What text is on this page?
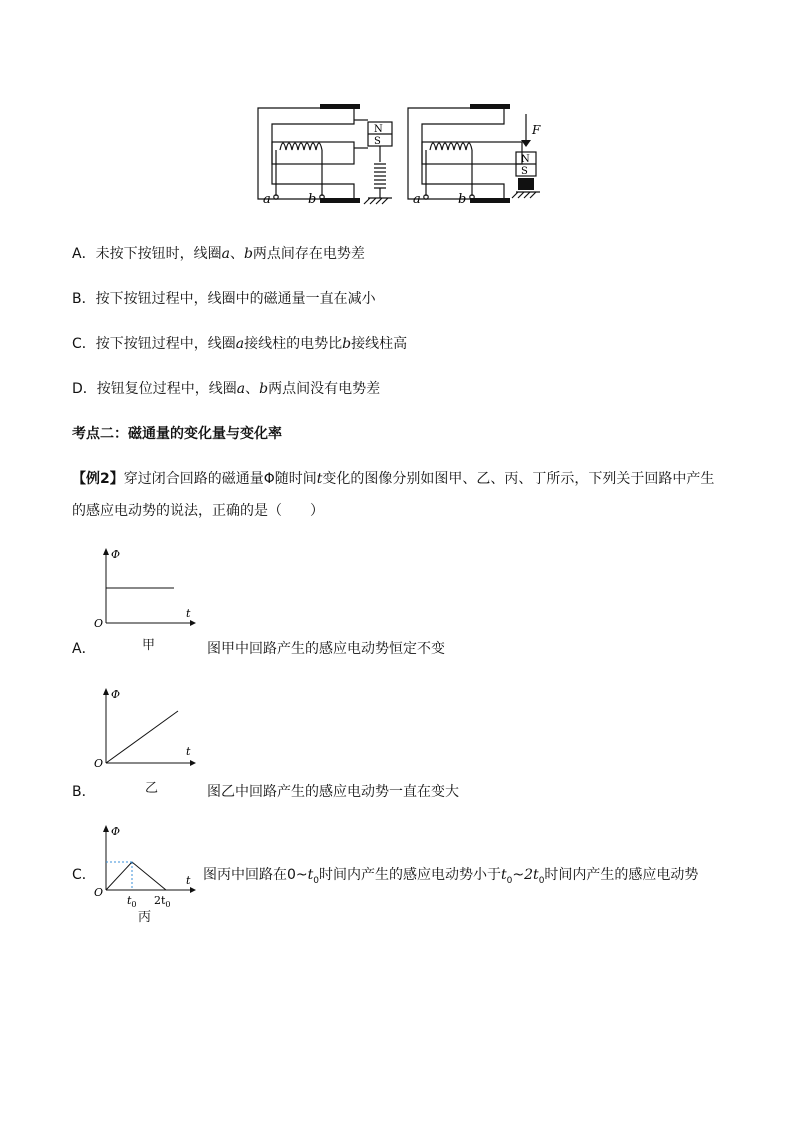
N
S
N
S
F
a	b	a	b
A．未按下按钮时，线圈a、b两点间存在电势差
B．按下按钮过程中，线圈中的磁通量一直在减小
C．按下按钮过程中，线圈a接线柱的电势比b接线柱高
D．按钮复位过程中，线圈a、b两点间没有电势差
考点二：磁通量的变化量与变化率
【例2】穿过闭合回路的磁通量Φ随时间t变化的图像分别如图甲、乙、丙、丁所示，下列关于回路中产生
的感应电动势的说法，正确的是（　　）
Φ
t
O
A．	甲	图甲中回路产生的感应电动势恒定不变
Φ
t
O
B．	乙	图乙中回路产生的感应电动势一直在变大
Φ
t
O
$t_0$ $2t_0$
丙
C．	图丙中回路在$0\sim t_0$时间内产生的感应电动势小于$t_0\sim 2t_0$时间内产生的感应电动势
